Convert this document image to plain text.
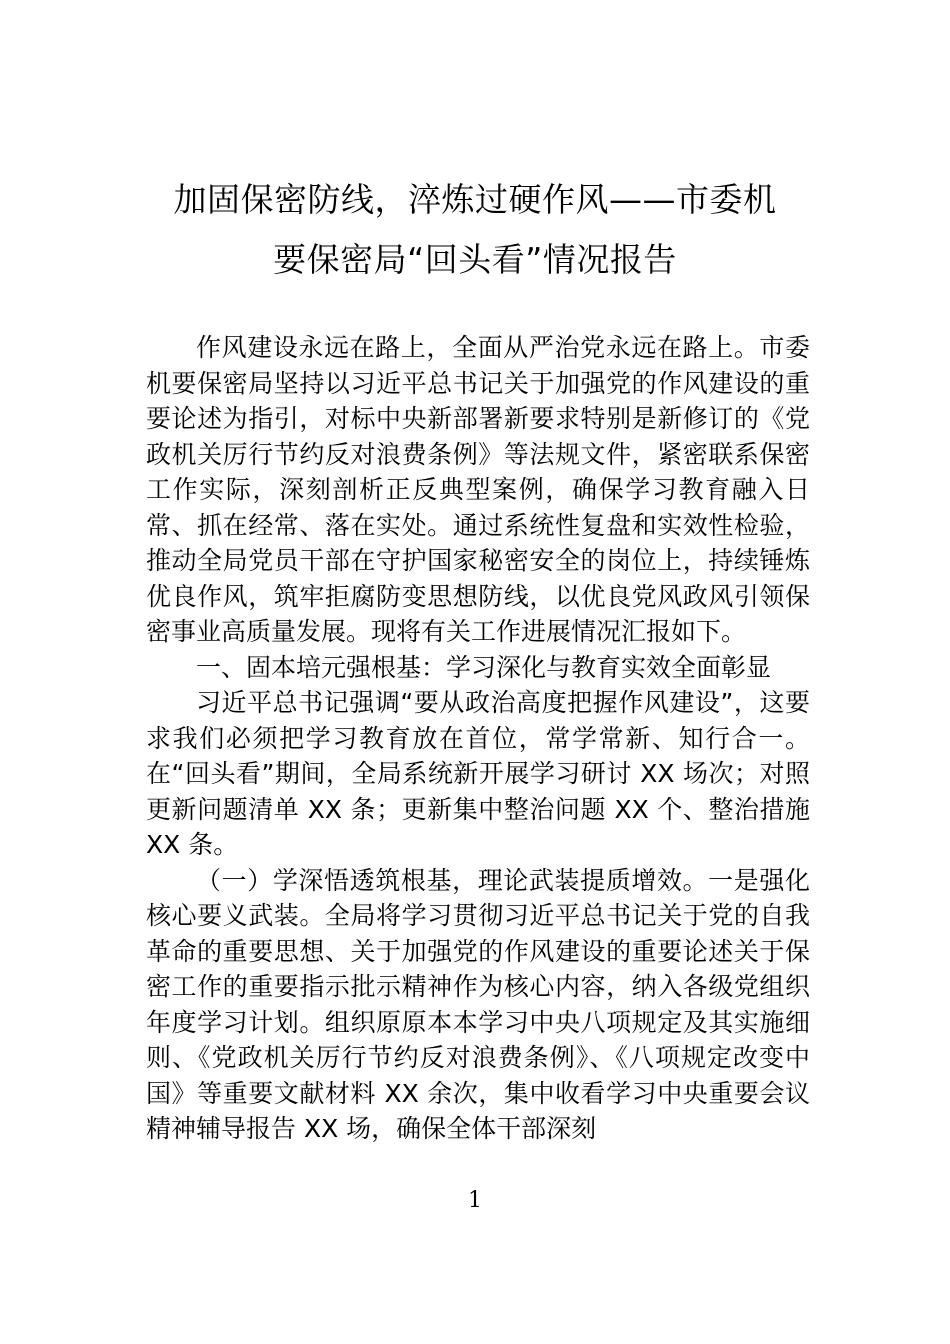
加固保密防线，淬炼过硬作风——市委机
要保密局“回头看”情况报告

作风建设永远在路上，全面从严治党永远在路上。市委机要保密局坚持以习近平总书记关于加强党的作风建设的重要论述为指引，对标中央新部署新要求特别是新修订的《党政机关厉行节约反对浪费条例》等法规文件，紧密联系保密工作实际，深刻剖析正反典型案例，确保学习教育融入日常、抓在经常、落在实处。通过系统性复盘和实效性检验，推动全局党员干部在守护国家秘密安全的岗位上，持续锤炼优良作风，筑牢拒腐防变思想防线，以优良党风政风引领保密事业高质量发展。现将有关工作进展情况汇报如下。

一、固本培元强根基：学习深化与教育实效全面彰显

习近平总书记强调“要从政治高度把握作风建设”，这要求我们必须把学习教育放在首位，常学常新、知行合一。在“回头看”期间，全局系统新开展学习研讨 XX 场次；对照更新问题清单 XX 条；更新集中整治问题 XX 个、整治措施 XX 条。

（一）学深悟透筑根基，理论武装提质增效。一是强化核心要义武装。全局将学习贯彻习近平总书记关于党的自我革命的重要思想、关于加强党的作风建设的重要论述关于保密工作的重要指示批示精神作为核心内容，纳入各级党组织年度学习计划。组织原原本本学习中央八项规定及其实施细则、《党政机关厉行节约反对浪费条例》、《八项规定改变中国》等重要文献材料 XX 余次，集中收看学习中央重要会议精神辅导报告 XX 场，确保全体干部深刻

1
